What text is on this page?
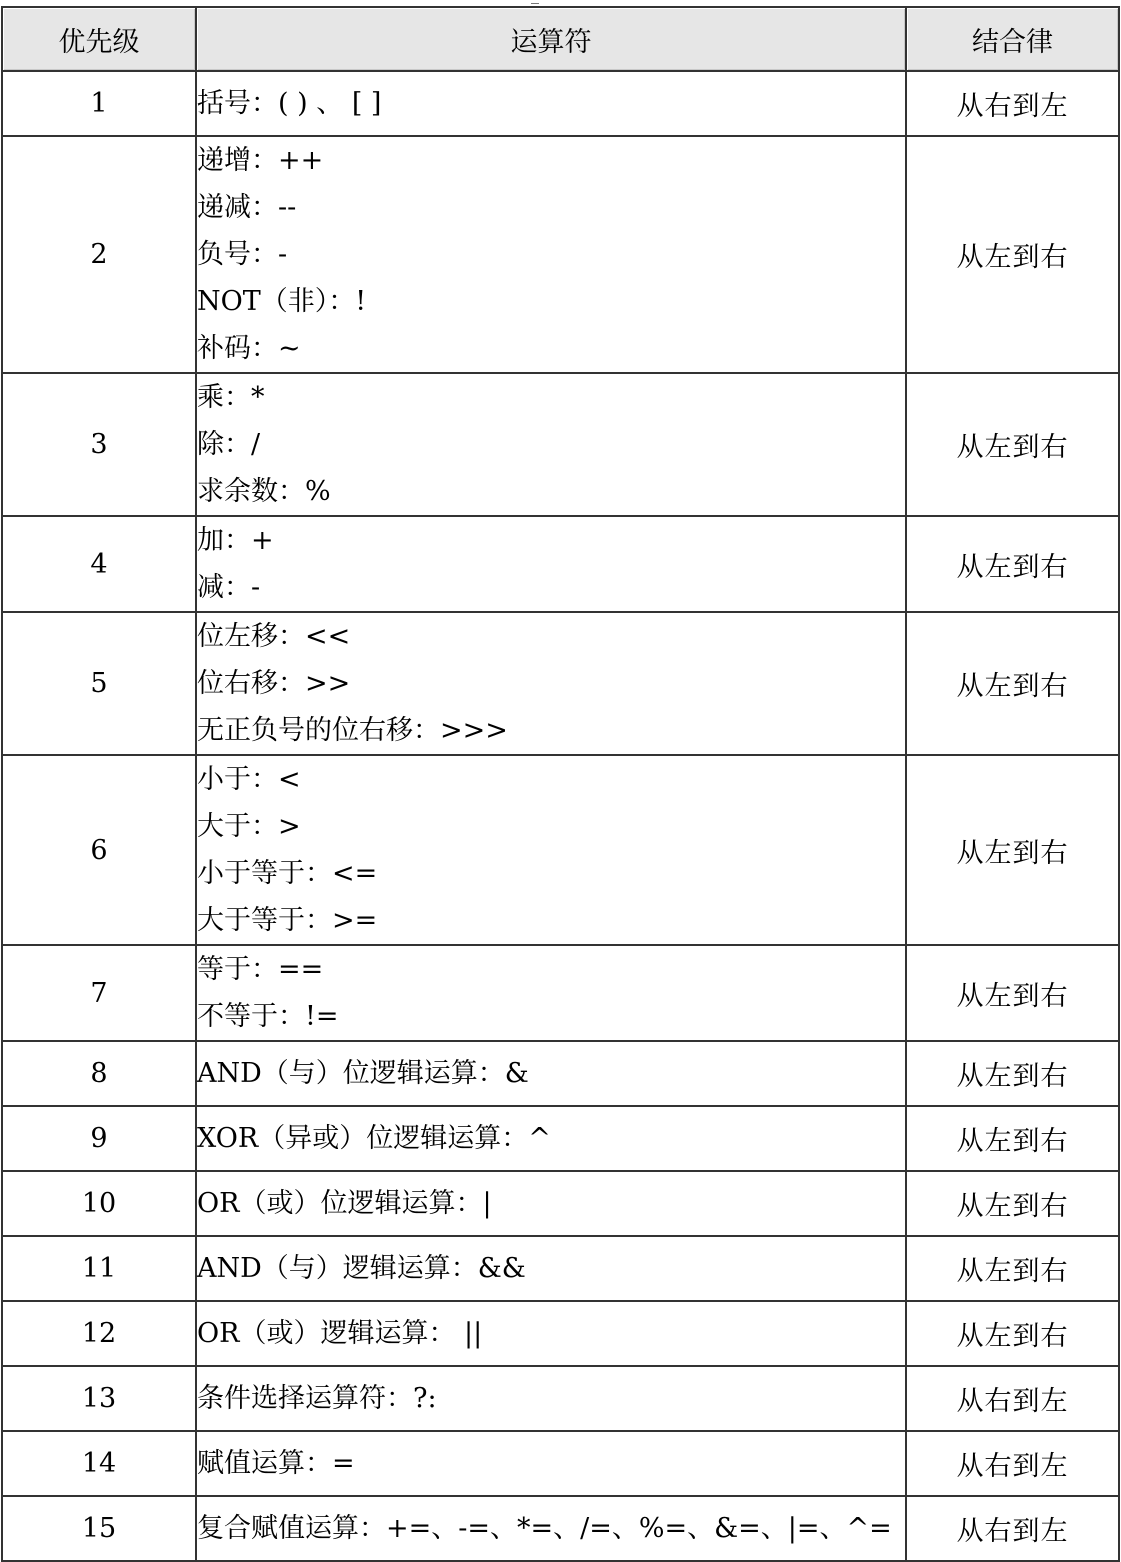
优先级	运算符	结合律
1	括号：( ) 、 [ ]	从右到左
2	递增：++
递减：--
负号：-
NOT（非）：!
补码：~	从左到右
3	乘：*
除：/
求余数：%	从左到右
4	加：+
减：-	从左到右
5	位左移：<<
位右移：>>
无正负号的位右移：>>>	从左到右
6	小于：<
大于：>
小于等于：<=
大于等于：>=	从左到右
7	等于：==
不等于：!=	从左到右
8	AND（与）位逻辑运算：&	从左到右
9	XOR（异或）位逻辑运算：^	从左到右
10	OR（或）位逻辑运算：|	从左到右
11	AND（与）逻辑运算：&&	从左到右
12	OR（或）逻辑运算： ||	从左到右
13	条件选择运算符：?:	从右到左
14	赋值运算：=	从右到左
15	复合赋值运算：+=、-=、*=、/=、%=、&=、|=、^=	从右到左
